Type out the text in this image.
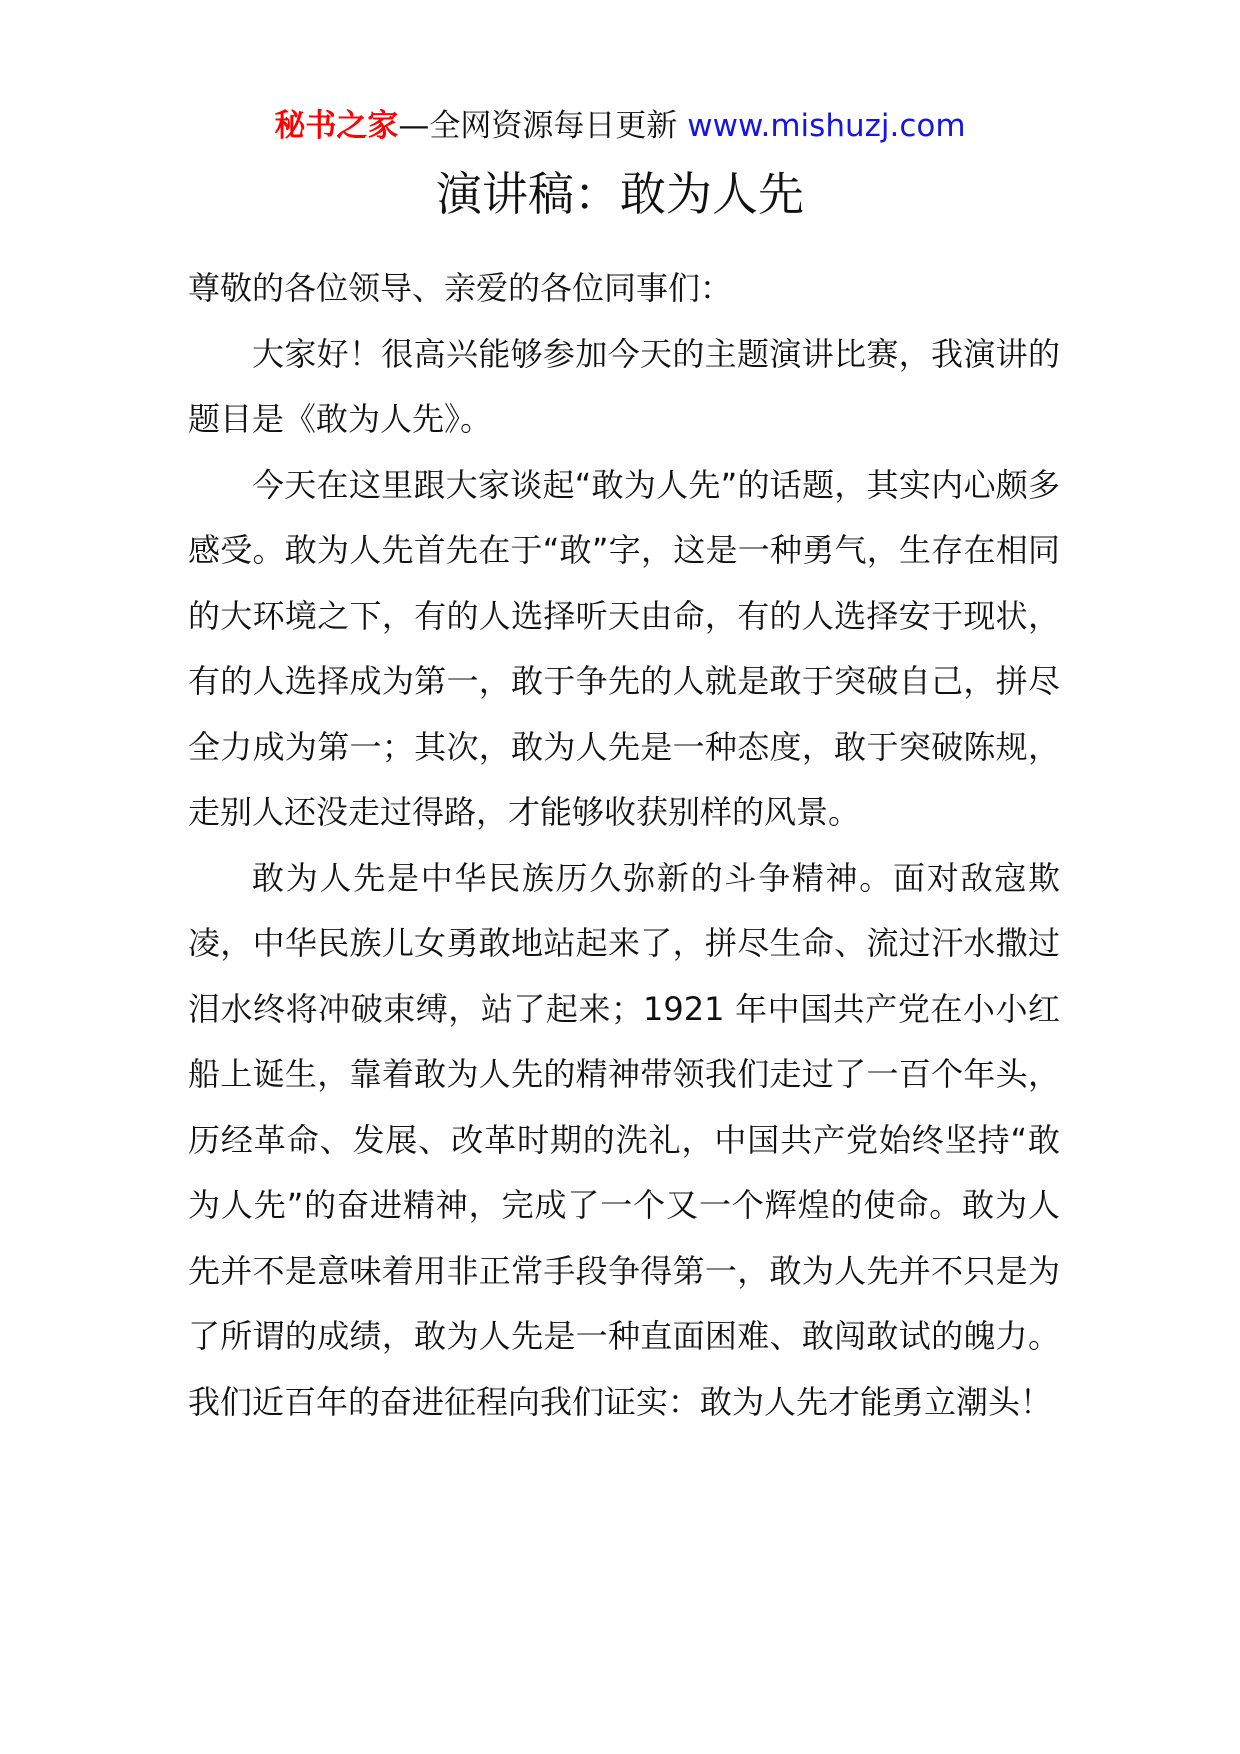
秘书之家—全网资源每日更新 www.mishuzj.com
演讲稿：敢为人先

尊敬的各位领导、亲爱的各位同事们：

大家好！很高兴能够参加今天的主题演讲比赛，我演讲的题目是《敢为人先》。

今天在这里跟大家谈起“敢为人先”的话题，其实内心颇多感受。敢为人先首先在于“敢”字，这是一种勇气，生存在相同的大环境之下，有的人选择听天由命，有的人选择安于现状，有的人选择成为第一，敢于争先的人就是敢于突破自己，拼尽全力成为第一；其次，敢为人先是一种态度，敢于突破陈规，走别人还没走过得路，才能够收获别样的风景。

敢为人先是中华民族历久弥新的斗争精神。面对敌寇欺凌，中华民族儿女勇敢地站起来了，拼尽生命、流过汗水撒过泪水终将冲破束缚，站了起来；1921 年中国共产党在小小红船上诞生，靠着敢为人先的精神带领我们走过了一百个年头，历经革命、发展、改革时期的洗礼，中国共产党始终坚持“敢为人先”的奋进精神，完成了一个又一个辉煌的使命。敢为人先并不是意味着用非正常手段争得第一，敢为人先并不只是为了所谓的成绩，敢为人先是一种直面困难、敢闯敢试的魄力。我们近百年的奋进征程向我们证实：敢为人先才能勇立潮头！
